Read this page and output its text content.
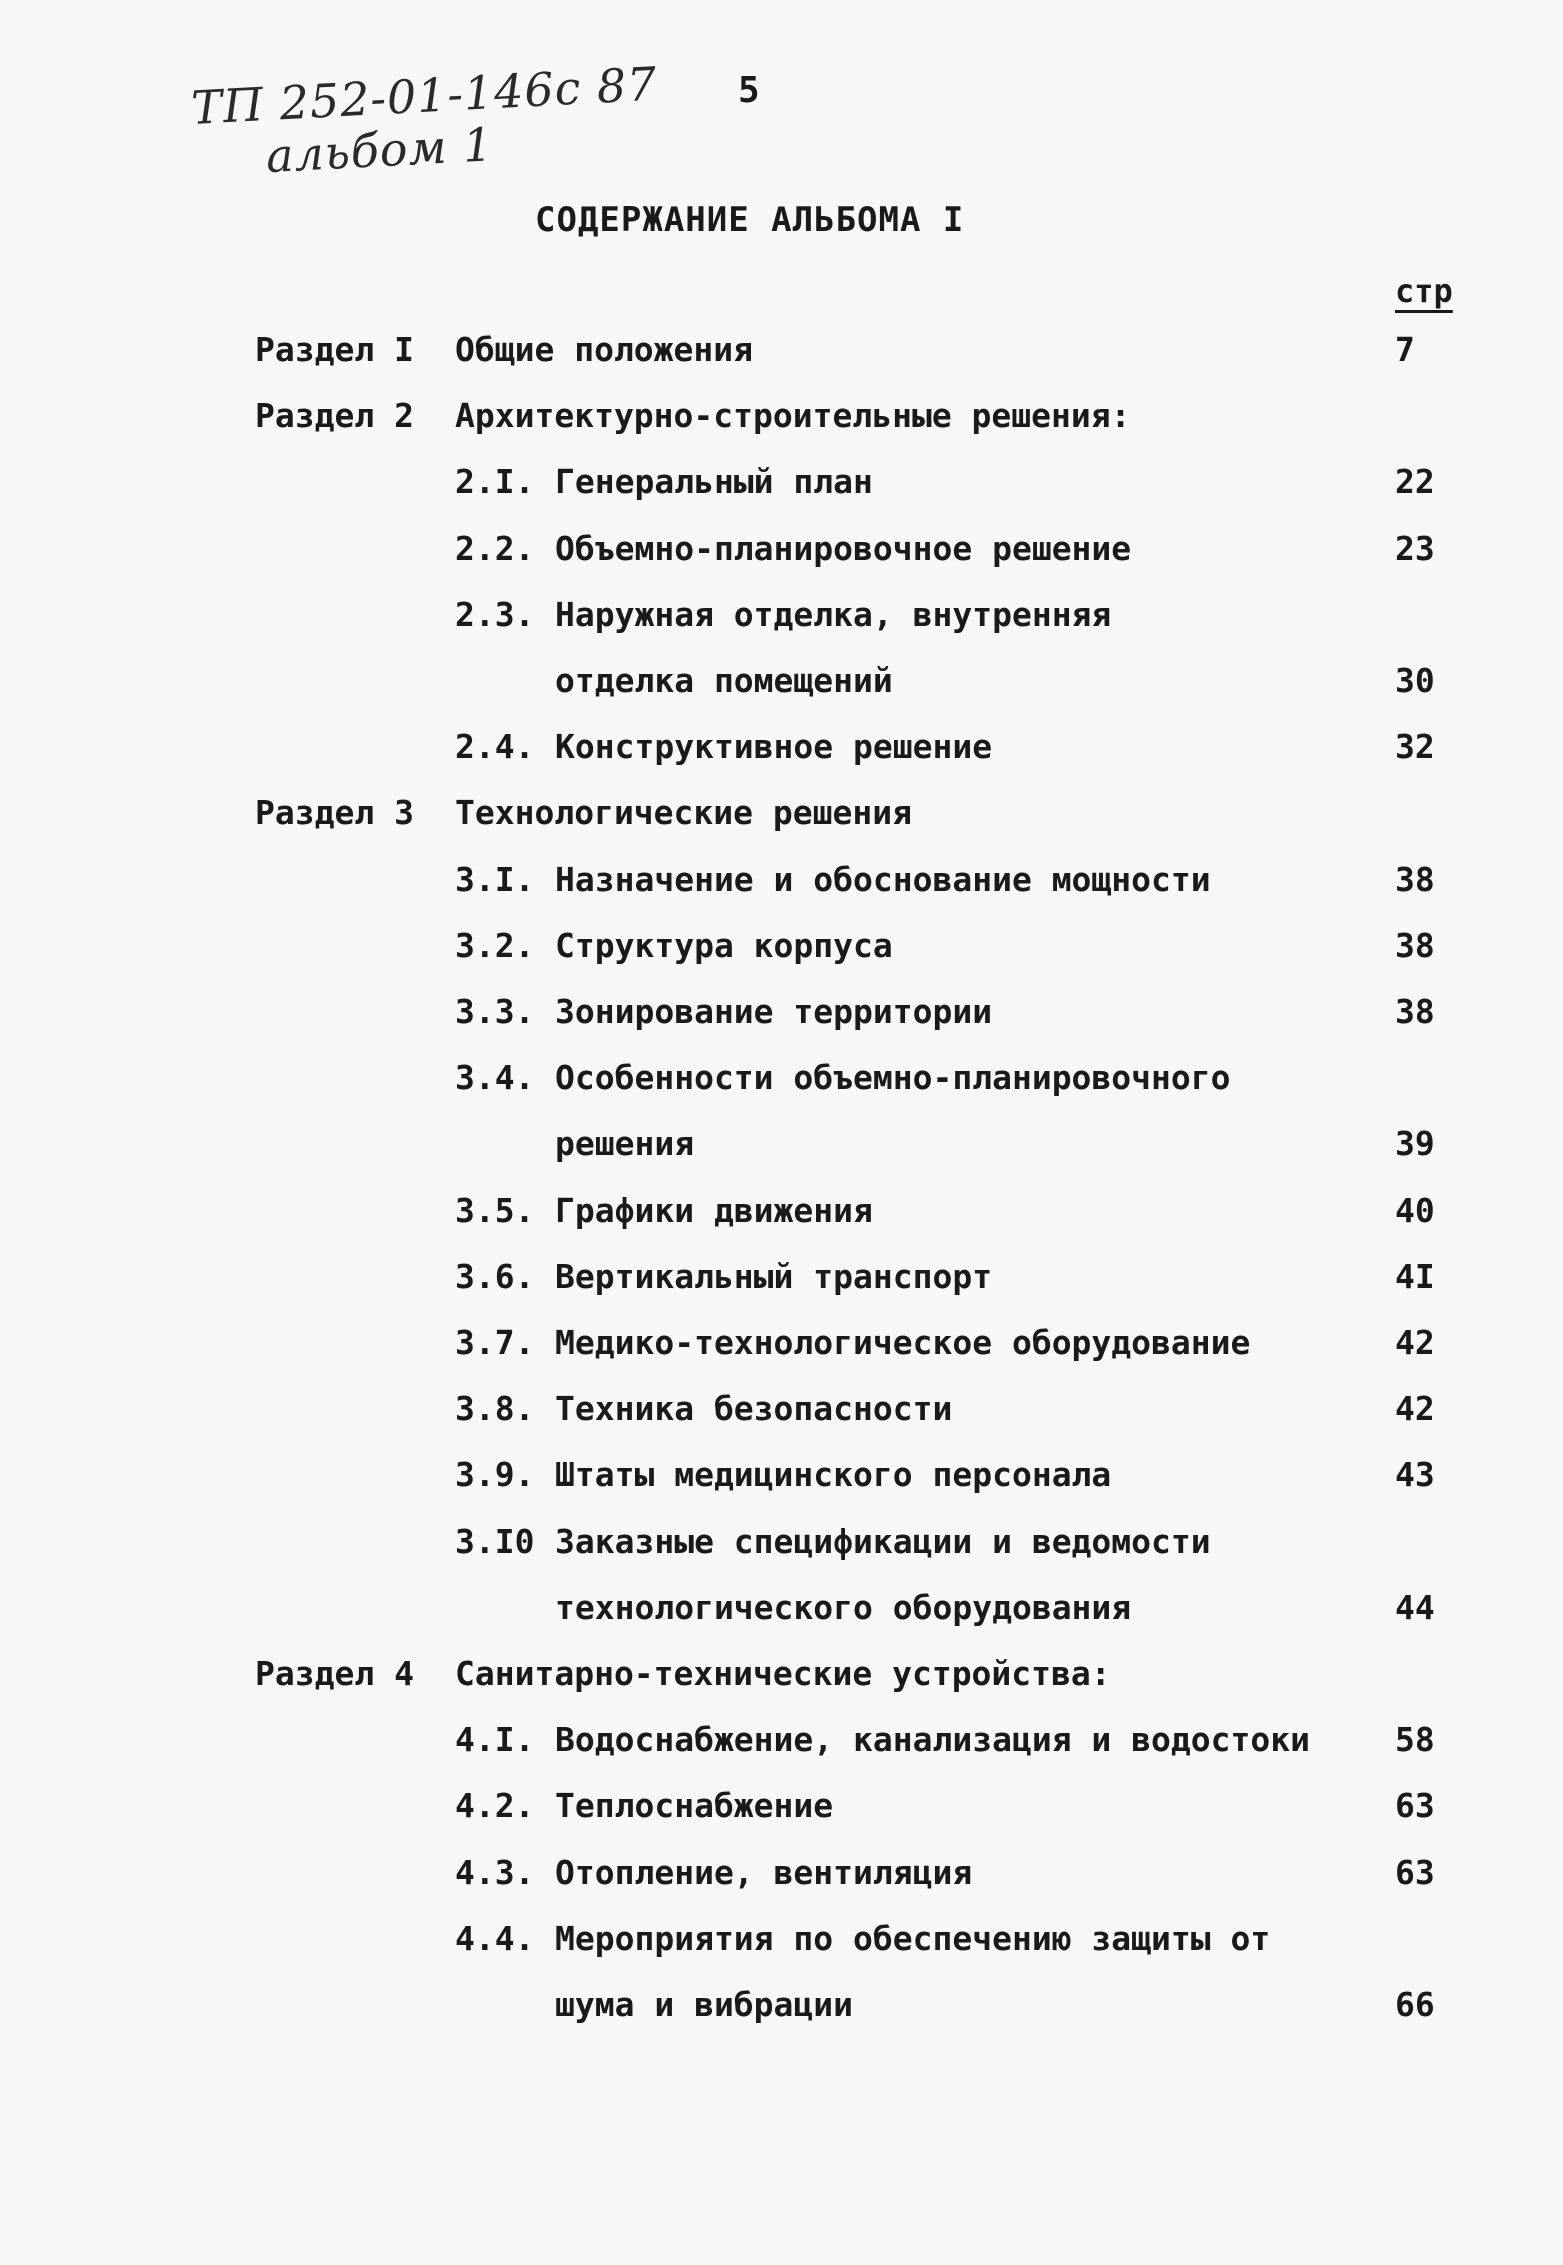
ТП 252-01-146с 87
альбом 1
5
СОДЕРЖАНИЕ АЛЬБОМА I
стр
Раздел I Общие положения	7
Раздел 2 Архитектурно-строительные решения:
2.I. Генеральный план	22
2.2. Объемно-планировочное решение	23
2.3. Наружная отделка, внутренняя
отделка помещений	30
2.4. Конструктивное решение	32
Раздел 3 Технологические решения
3.I. Назначение и обоснование мощности	38
3.2. Структура корпуса	38
3.3. Зонирование территории	38
3.4. Особенности объемно-планировочного
решения	39
3.5. Графики движения	40
3.6. Вертикальный транспорт	4I
3.7. Медико-технологическое оборудование	42
3.8. Техника безопасности	42
3.9. Штаты медицинского персонала	43
3.I0 Заказные спецификации и ведомости
технологического оборудования	44
Раздел 4 Санитарно-технические устройства:
4.I. Водоснабжение, канализация и водостоки	58
4.2. Теплоснабжение	63
4.3. Отопление, вентиляция	63
4.4. Мероприятия по обеспечению защиты от
шума и вибрации	66
